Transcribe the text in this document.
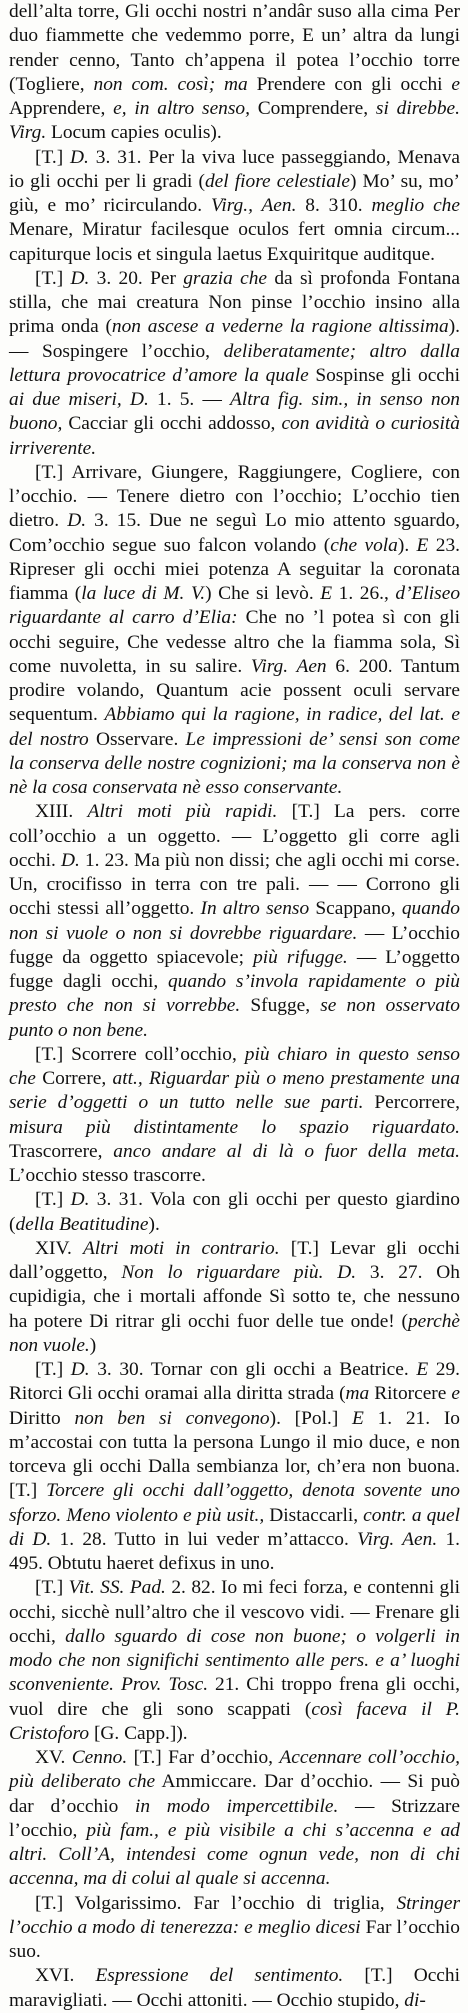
dell’alta torre, Gli occhi nostri n’andâr suso alla cima Per duo fiammette che vedemmo porre, E un’ altra da lungi render cenno, Tanto ch’appena il potea l’occhio torre (Togliere, non com. così; ma Prendere con gli occhi e Apprendere, e, in altro senso, Comprendere, si direbbe. Virg. Locum capies oculis).

[T.] D. 3. 31. Per la viva luce passeggiando, Menava io gli occhi per li gradi (del fiore celestiale) Mo’ su, mo’ giù, e mo’ ricirculando. Virg., Aen. 8. 310. meglio che Menare, Miratur facilesque oculos fert omnia circum... capiturque locis et singula laetus Exquiritque auditque.

[T.] D. 3. 20. Per grazia che da sì profonda Fontana stilla, che mai creatura Non pinse l’occhio insino alla prima onda (non ascese a vederne la ragione altissima). — Sospingere l’occhio, deliberatamente; altro dalla lettura provocatrice d’amore la quale Sospinse gli occhi ai due miseri, D. 1. 5. — Altra fig. sim., in senso non buono, Cacciar gli occhi addosso, con avidità o curiosità irriverente.

[T.] Arrivare, Giungere, Raggiungere, Cogliere, con l’occhio. — Tenere dietro con l’occhio; L’occhio tien dietro. D. 3. 15. Due ne seguì Lo mio attento sguardo, Com’occhio segue suo falcon volando (che vola). E 23. Ripreser gli occhi miei potenza A seguitar la coronata fiamma (la luce di M. V.) Che si levò. E 1. 26., d’Eliseo riguardante al carro d’Elia: Che no ’l potea sì con gli occhi seguire, Che vedesse altro che la fiamma sola, Sì come nuvoletta, in su salire. Virg. Aen 6. 200. Tantum prodire volando, Quantum acie possent oculi servare sequentum. Abbiamo qui la ragione, in radice, del lat. e del nostro Osservare. Le impressioni de’ sensi son come la conserva delle nostre cognizioni; ma la conserva non è nè la cosa conservata nè esso conservante.

XIII. Altri moti più rapidi. [T.] La pers. corre coll’occhio a un oggetto. — L’oggetto gli corre agli occhi. D. 1. 23. Ma più non dissi; che agli occhi mi corse. Un, crocifisso in terra con tre pali. — — Corrono gli occhi stessi all’oggetto. In altro senso Scappano, quando non si vuole o non si dovrebbe riguardare. — L’occhio fugge da oggetto spiacevole; più rifugge. — L’oggetto fugge dagli occhi, quando s’invola rapidamente o più presto che non si vorrebbe. Sfugge, se non osservato punto o non bene.

[T.] Scorrere coll’occhio, più chiaro in questo senso che Correre, att., Riguardar più o meno prestamente una serie d’oggetti o un tutto nelle sue parti. Percorrere, misura più distintamente lo spazio riguardato. Trascorrere, anco andare al di là o fuor della meta. L’occhio stesso trascorre.

[T.] D. 3. 31. Vola con gli occhi per questo giardino (della Beatitudine).

XIV. Altri moti in contrario. [T.] Levar gli occhi dall’oggetto, Non lo riguardare più. D. 3. 27. Oh cupidigia, che i mortali affonde Sì sotto te, che nessuno ha potere Di ritrar gli occhi fuor delle tue onde! (perchè non vuole.)

[T.] D. 3. 30. Tornar con gli occhi a Beatrice. E 29. Ritorci Gli occhi oramai alla diritta strada (ma Ritorcere e Diritto non ben si convegono). [Pol.] E 1. 21. Io m’accostai con tutta la persona Lungo il mio duce, e non torceva gli occhi Dalla sembianza lor, ch’era non buona. [T.] Torcere gli occhi dall’oggetto, denota sovente uno sforzo. Meno violento e più usit., Distaccarli, contr. a quel di D. 1. 28. Tutto in lui veder m’attacco. Virg. Aen. 1. 495. Obtutu haeret defixus in uno.

[T.] Vit. SS. Pad. 2. 82. Io mi feci forza, e contenni gli occhi, sicchè null’altro che il vescovo vidi. — Frenare gli occhi, dallo sguardo di cose non buone; o volgerli in modo che non significhi sentimento alle pers. e a’ luoghi sconveniente. Prov. Tosc. 21. Chi troppo frena gli occhi, vuol dire che gli sono scappati (così faceva il P. Cristoforo [G. Capp.]).

XV. Cenno. [T.] Far d’occhio, Accennare coll’occhio, più deliberato che Ammiccare. Dar d’occhio. — Si può dar d’occhio in modo impercettibile. — Strizzare l’occhio, più fam., e più visibile a chi s’accenna e ad altri. Coll’A, intendesi come ognun vede, non di chi accenna, ma di colui al quale si accenna.

[T.] Volgarissimo. Far l’occhio di triglia, Stringer l’occhio a modo di tenerezza: e meglio dicesi Far l’occhio suo.

XVI. Espressione del sentimento. [T.] Occhi maravigliati. — Occhi attoniti. — Occhio stupido, di-
